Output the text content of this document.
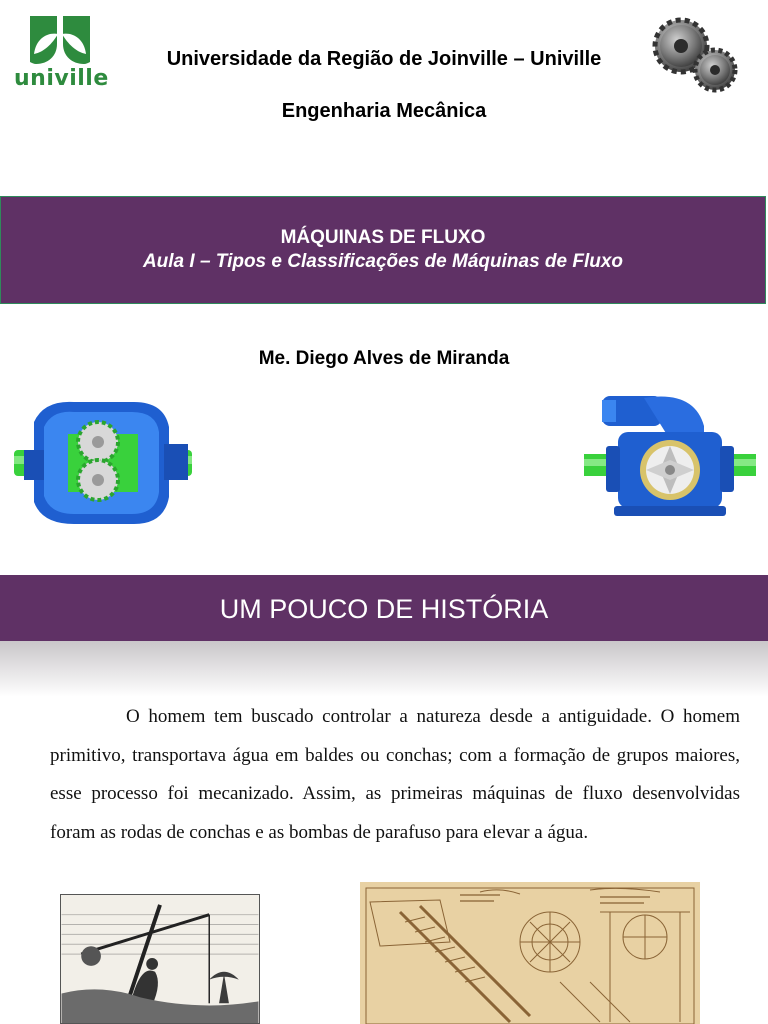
univille
Universidade da Região de Joinville – Univille
Engenharia Mecânica
MÁQUINAS DE FLUXO
Aula I – Tipos e Classificações de Máquinas de Fluxo
Me. Diego Alves de Miranda
UM POUCO DE HISTÓRIA
O homem tem buscado controlar a natureza desde a antiguidade. O homem primitivo, transportava água em baldes ou conchas; com a formação de grupos maiores, esse processo foi mecanizado. Assim, as primeiras máquinas de fluxo desenvolvidas foram as rodas de conchas e as bombas de parafuso para elevar a água.
